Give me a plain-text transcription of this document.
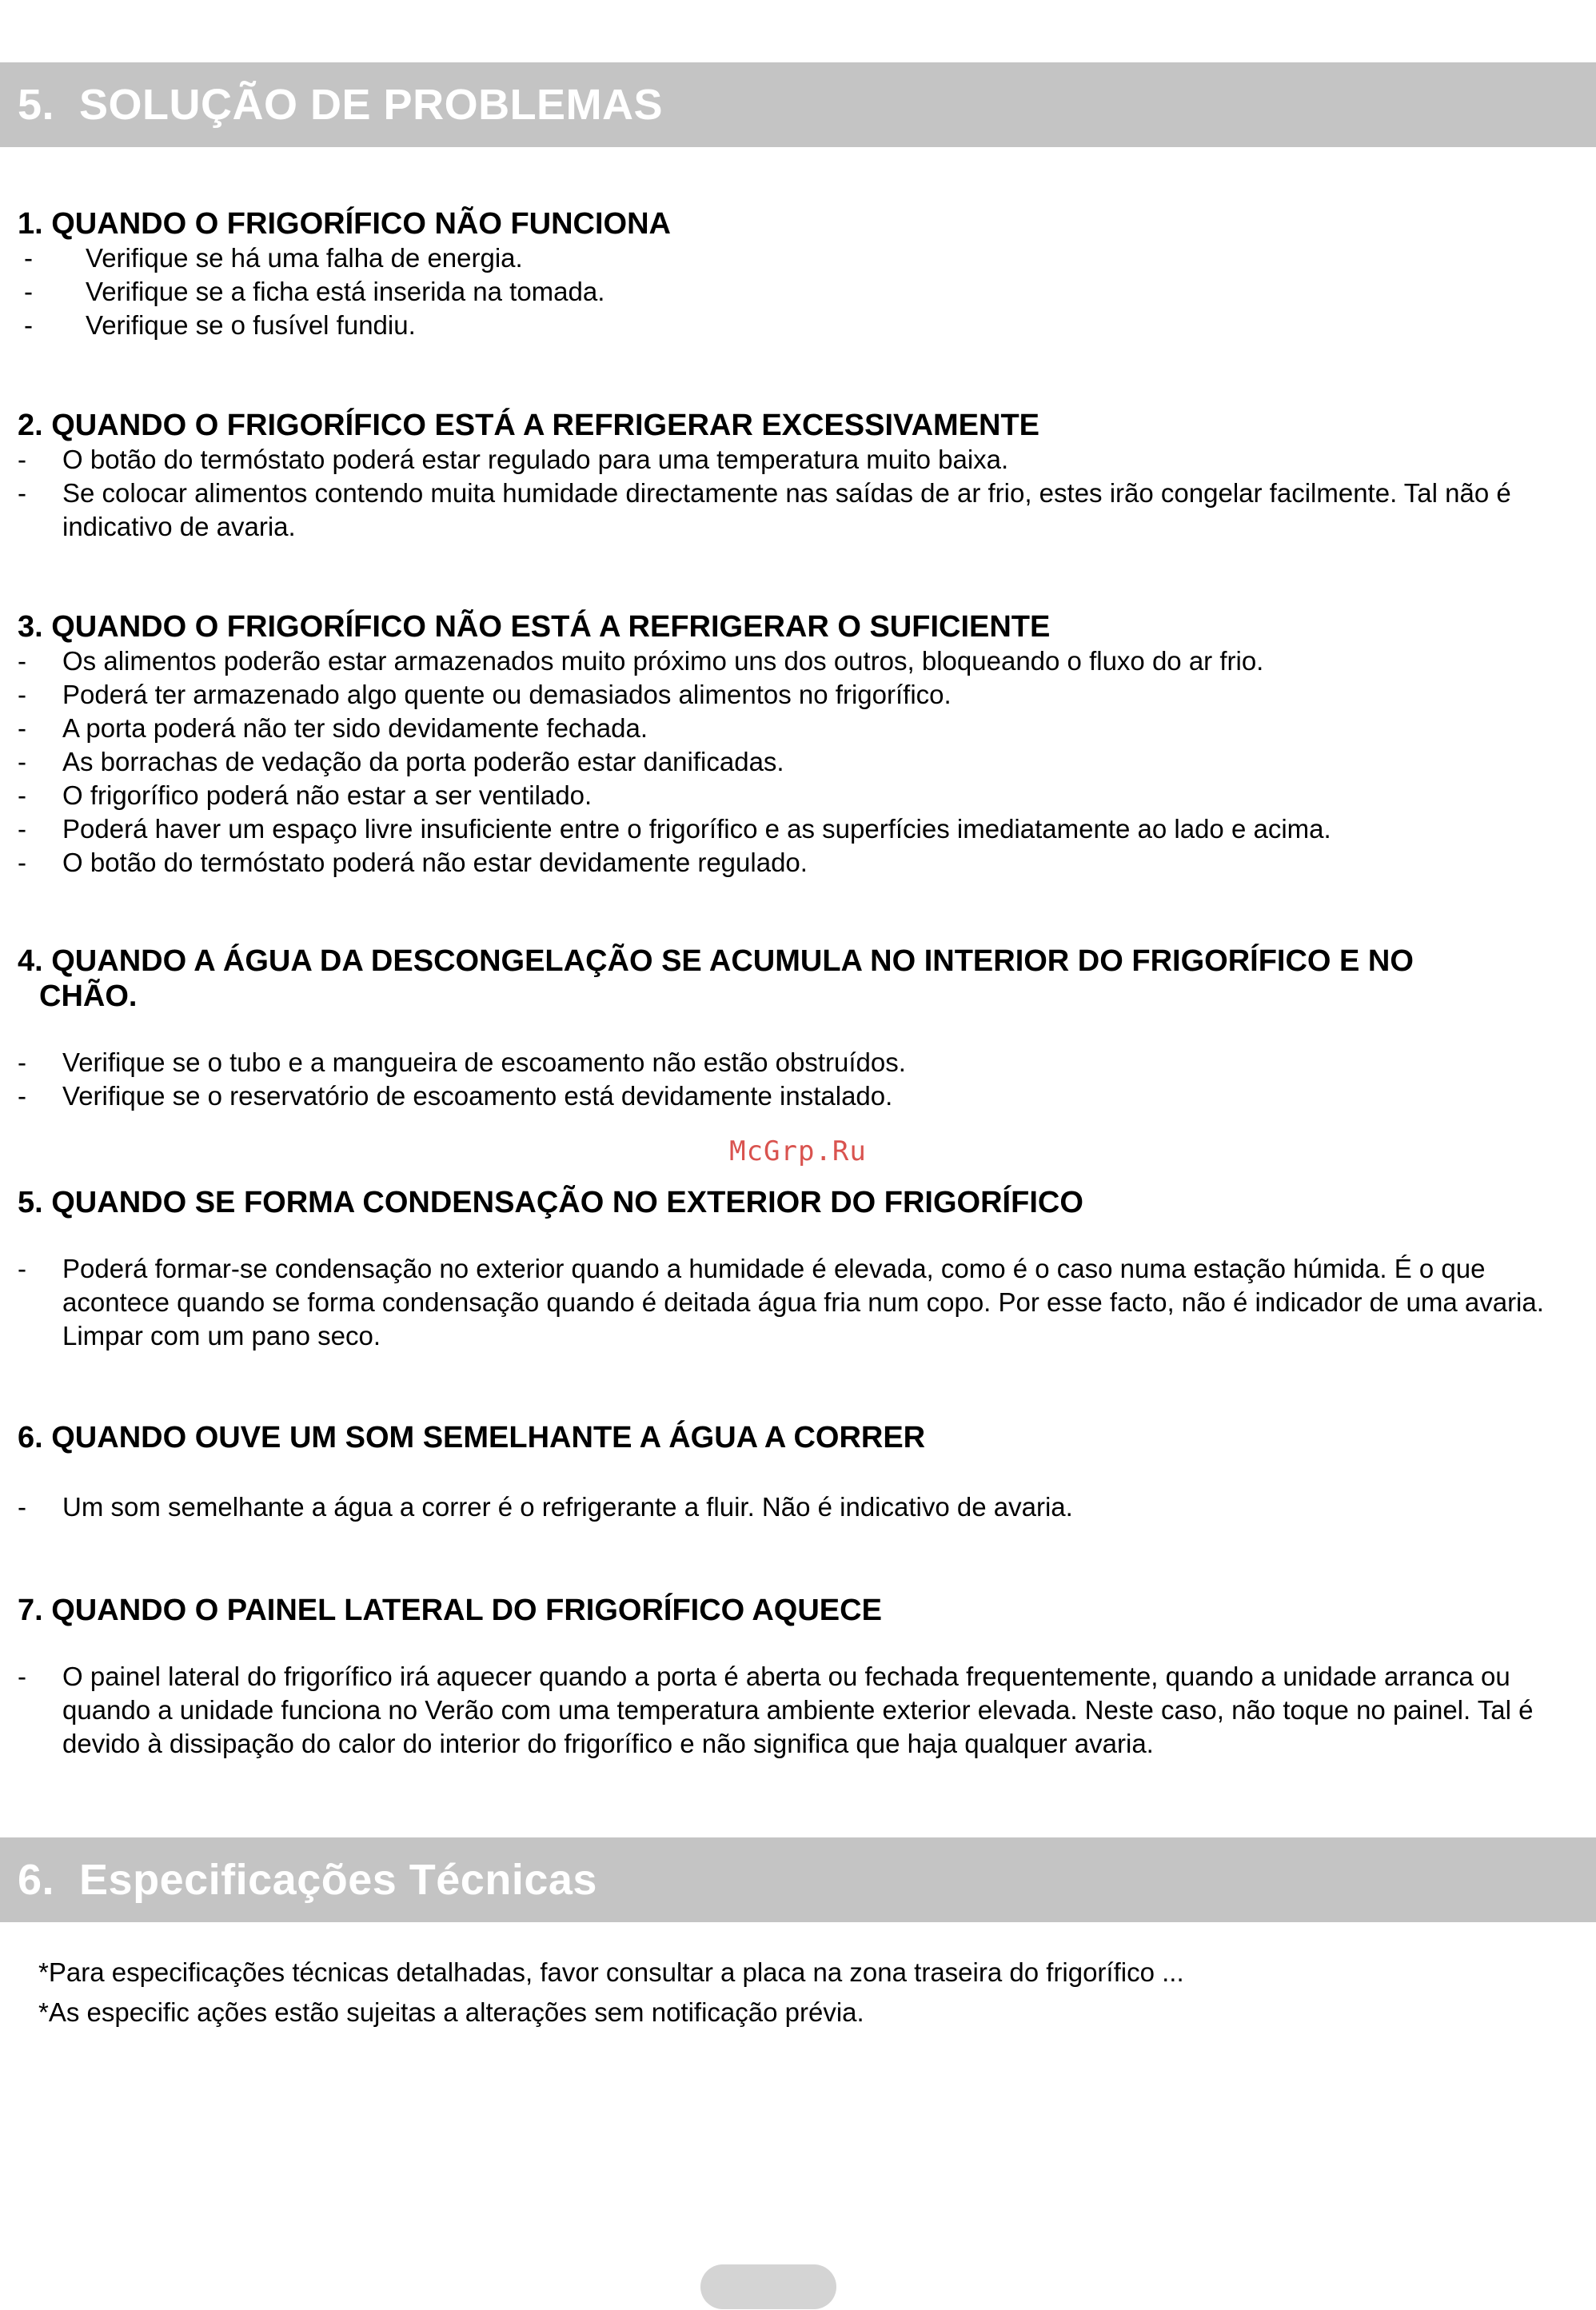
5.  SOLUÇÃO DE PROBLEMAS
1. QUANDO O FRIGORÍFICO NÃO FUNCIONA
- Verifique se há uma falha de energia.
- Verifique se a ficha está inserida na tomada.
- Verifique se o fusível fundiu.
2. QUANDO O FRIGORÍFICO ESTÁ A REFRIGERAR EXCESSIVAMENTE
- O botão do termóstato poderá estar regulado para uma temperatura muito baixa.
- Se colocar alimentos contendo muita humidade directamente nas saídas de ar frio, estes irão congelar facilmente. Tal não é indicativo de avaria.
3. QUANDO O FRIGORÍFICO NÃO ESTÁ A REFRIGERAR O SUFICIENTE
- Os alimentos poderão estar armazenados muito próximo uns dos outros, bloqueando o fluxo do ar frio.
- Poderá ter armazenado algo quente ou demasiados alimentos no frigorífico.
- A porta poderá não ter sido devidamente fechada.
- As borrachas de vedação da porta poderão estar danificadas.
- O frigorífico poderá não estar a ser ventilado.
- Poderá haver um espaço livre insuficiente entre o frigorífico e as superfícies imediatamente ao lado e acima.
- O botão do termóstato poderá não estar devidamente regulado.
4. QUANDO A ÁGUA DA DESCONGELAÇÃO SE ACUMULA NO INTERIOR DO FRIGORÍFICO E NO
CHÃO.
- Verifique se o tubo e a mangueira de escoamento não estão obstruídos.
- Verifique se o reservatório de escoamento está devidamente instalado.
McGrp.Ru
5. QUANDO SE FORMA CONDENSAÇÃO NO EXTERIOR DO FRIGORÍFICO
- Poderá formar-se condensação no exterior quando a humidade é elevada, como é o caso numa estação húmida. É o que acontece quando se forma condensação quando é deitada água fria num copo. Por esse facto, não é indicador de uma avaria. Limpar com um pano seco.
6. QUANDO OUVE UM SOM SEMELHANTE A ÁGUA A CORRER
- Um som semelhante a água a correr é o refrigerante a fluir. Não é indicativo de avaria.
7. QUANDO O PAINEL LATERAL DO FRIGORÍFICO AQUECE
- O painel lateral do frigorífico irá aquecer quando a porta é aberta ou fechada frequentemente, quando a unidade arranca ou quando a unidade funciona no Verão com uma temperatura ambiente exterior elevada. Neste caso, não toque no painel. Tal é devido à dissipação do calor do interior do frigorífico e não significa que haja qualquer avaria.
6.  Especificações Técnicas
*Para especificações técnicas detalhadas, favor consultar a placa na zona traseira do frigorífico ...
*As especific ações estão sujeitas a alterações sem notificação prévia.
